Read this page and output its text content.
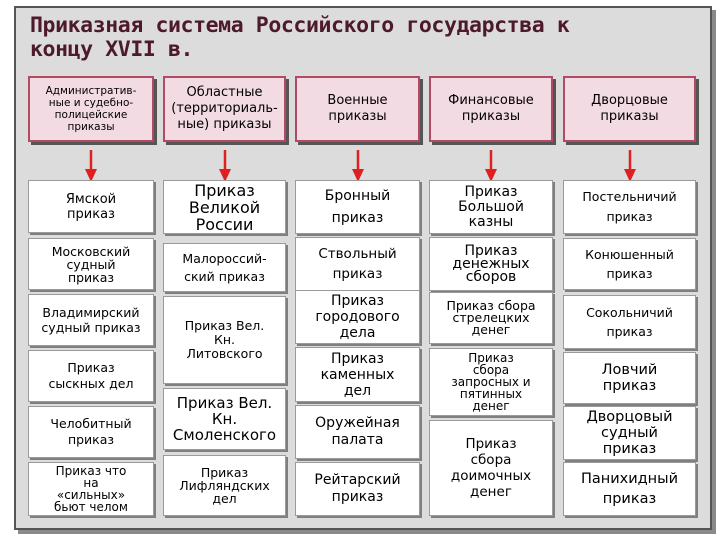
Приказная система Российского государства к
концу XVII в.
Административ-
ные и судебно-
полицейские
приказы
Ямской
приказ
Московский
судный
приказ
Владимирский
судный приказ
Приказ
сыскных дел
Челобитный
приказ
Приказ что
на
«сильных»
бьют челом
Областные
(территориаль-
ные) приказы
Приказ
Великой
России
Малороссий-
ский приказ
Приказ Вел.
Кн.
Литовского
Приказ Вел.
Кн.
Смоленского
Приказ
Лифляндских
дел
Военные
приказы
Бронный
приказ
Ствольный
приказ
Приказ
городового
дела
Приказ
каменных
дел
Оружейная
палата
Рейтарский
приказ
Финансовые
приказы
Приказ
Большой
казны
Приказ
денежных
сборов
Приказ сбора
стрелецких
денег
Приказ
сбора
запросных и
пятинных
денег
Приказ
сбора
доимочных
денег
Дворцовые
приказы
Постельничий
приказ
Конюшенный
приказ
Сокольничий
приказ
Ловчий
приказ
Дворцовый
судный
приказ
Панихидный
приказ
